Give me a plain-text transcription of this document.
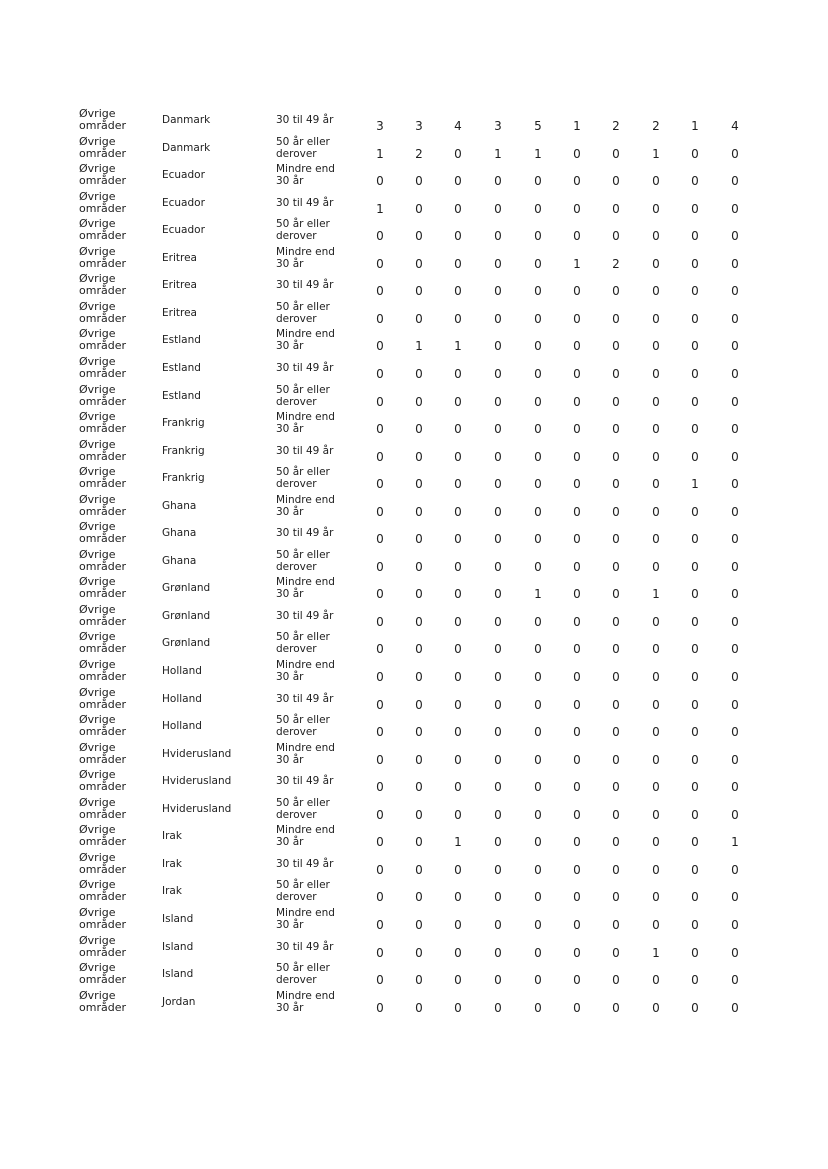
Øvrige områder	Danmark	30 til 49 år	3	3	4	3	5	1	2	2	1	4
Øvrige områder	Danmark	50 år eller derover	1	2	0	1	1	0	0	1	0	0
Øvrige områder	Ecuador	Mindre end 30 år	0	0	0	0	0	0	0	0	0	0
Øvrige områder	Ecuador	30 til 49 år	1	0	0	0	0	0	0	0	0	0
Øvrige områder	Ecuador	50 år eller derover	0	0	0	0	0	0	0	0	0	0
Øvrige områder	Eritrea	Mindre end 30 år	0	0	0	0	0	1	2	0	0	0
Øvrige områder	Eritrea	30 til 49 år	0	0	0	0	0	0	0	0	0	0
Øvrige områder	Eritrea	50 år eller derover	0	0	0	0	0	0	0	0	0	0
Øvrige områder	Estland	Mindre end 30 år	0	1	1	0	0	0	0	0	0	0
Øvrige områder	Estland	30 til 49 år	0	0	0	0	0	0	0	0	0	0
Øvrige områder	Estland	50 år eller derover	0	0	0	0	0	0	0	0	0	0
Øvrige områder	Frankrig	Mindre end 30 år	0	0	0	0	0	0	0	0	0	0
Øvrige områder	Frankrig	30 til 49 år	0	0	0	0	0	0	0	0	0	0
Øvrige områder	Frankrig	50 år eller derover	0	0	0	0	0	0	0	0	1	0
Øvrige områder	Ghana	Mindre end 30 år	0	0	0	0	0	0	0	0	0	0
Øvrige områder	Ghana	30 til 49 år	0	0	0	0	0	0	0	0	0	0
Øvrige områder	Ghana	50 år eller derover	0	0	0	0	0	0	0	0	0	0
Øvrige områder	Grønland	Mindre end 30 år	0	0	0	0	1	0	0	1	0	0
Øvrige områder	Grønland	30 til 49 år	0	0	0	0	0	0	0	0	0	0
Øvrige områder	Grønland	50 år eller derover	0	0	0	0	0	0	0	0	0	0
Øvrige områder	Holland	Mindre end 30 år	0	0	0	0	0	0	0	0	0	0
Øvrige områder	Holland	30 til 49 år	0	0	0	0	0	0	0	0	0	0
Øvrige områder	Holland	50 år eller derover	0	0	0	0	0	0	0	0	0	0
Øvrige områder	Hviderusland	Mindre end 30 år	0	0	0	0	0	0	0	0	0	0
Øvrige områder	Hviderusland	30 til 49 år	0	0	0	0	0	0	0	0	0	0
Øvrige områder	Hviderusland	50 år eller derover	0	0	0	0	0	0	0	0	0	0
Øvrige områder	Irak	Mindre end 30 år	0	0	1	0	0	0	0	0	0	1
Øvrige områder	Irak	30 til 49 år	0	0	0	0	0	0	0	0	0	0
Øvrige områder	Irak	50 år eller derover	0	0	0	0	0	0	0	0	0	0
Øvrige områder	Island	Mindre end 30 år	0	0	0	0	0	0	0	0	0	0
Øvrige områder	Island	30 til 49 år	0	0	0	0	0	0	0	1	0	0
Øvrige områder	Island	50 år eller derover	0	0	0	0	0	0	0	0	0	0
Øvrige områder	Jordan	Mindre end 30 år	0	0	0	0	0	0	0	0	0	0
